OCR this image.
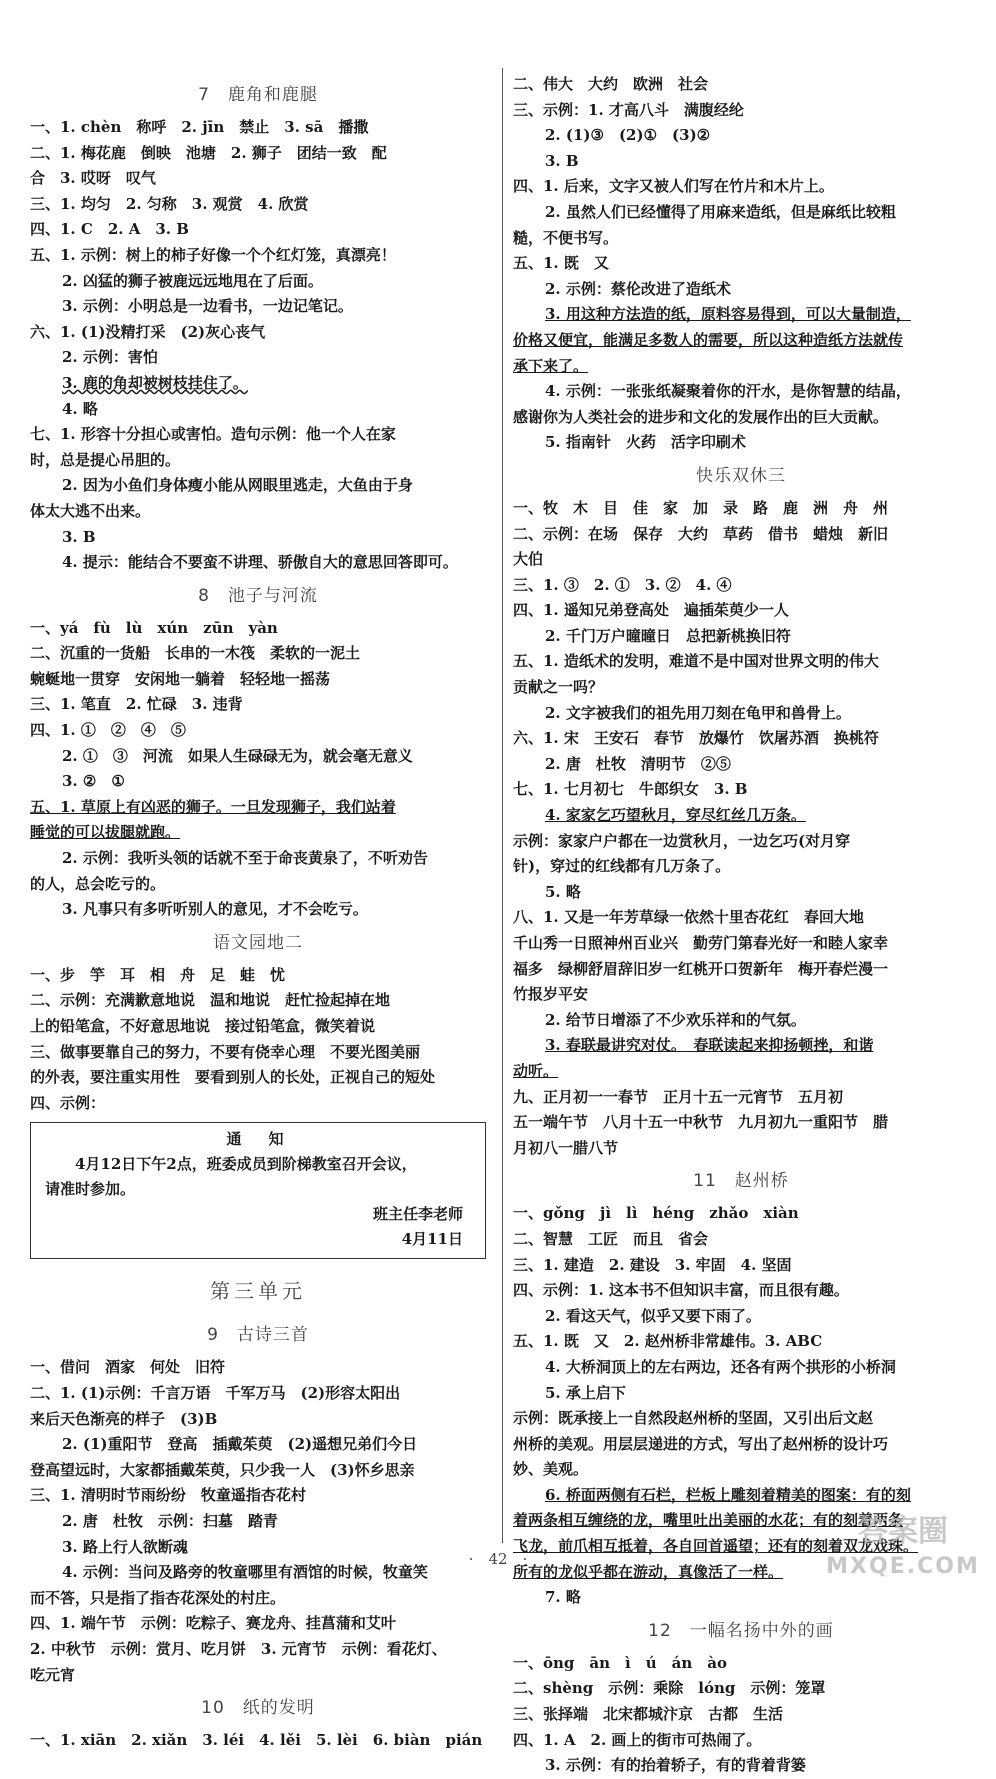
7　鹿角和鹿腿
一、1. chèn　称呼　2. jīn　禁止　3. sā　播撒
二、1. 梅花鹿　倒映　池塘　2. 狮子　团结一致　配
合　3. 哎呀　叹气
三、1. 均匀　2. 匀称　3. 观赏　4. 欣赏
四、1. C　2. A　3. B
五、1. 示例：树上的柿子好像一个个红灯笼，真漂亮！
2. 凶猛的狮子被鹿远远地甩在了后面。
3. 示例：小明总是一边看书，一边记笔记。
六、1. (1)没精打采　(2)灰心丧气
2. 示例：害怕
3. 鹿的角却被树枝挂住了。
4. 略
七、1. 形容十分担心或害怕。造句示例：他一个人在家
时，总是提心吊胆的。
2. 因为小鱼们身体瘦小能从网眼里逃走，大鱼由于身
体太大逃不出来。
3. B
4. 提示：能结合不要蛮不讲理、骄傲自大的意思回答即可。
8　池子与河流
一、yá　fù　lù　xún　zūn　yàn
二、沉重的一货船　长串的一木筏　柔软的一泥土
蜿蜒地一贯穿　安闲地一躺着　轻轻地一摇荡
三、1. 笔直　2. 忙碌　3. 违背
四、1. ①　②　④　⑤
2. ①　③　河流　如果人生碌碌无为，就会毫无意义
3. ②　①
五、1. 草原上有凶恶的狮子。一旦发现狮子，我们站着
睡觉的可以拔腿就跑。
2. 示例：我听头领的话就不至于命丧黄泉了，不听劝告
的人，总会吃亏的。
3. 凡事只有多听听别人的意见，才不会吃亏。
语文园地二
一、步　竽　耳　相　舟　足　蛙　忧
二、示例：充满歉意地说　温和地说　赶忙捡起掉在地
上的铅笔盒，不好意思地说　接过铅笔盒，微笑着说
三、做事要靠自己的努力，不要有侥幸心理　不要光图美丽
的外表，要注重实用性　要看到别人的长处，正视自己的短处
四、示例：
通　知
4月12日下午2点，班委成员到阶梯教室召开会议，
请准时参加。
班主任李老师
4月11日
第三单元
9　古诗三首
一、借问　酒家　何处　旧符
二、1. (1)示例：千言万语　千军万马　(2)形容太阳出
来后天色渐亮的样子　(3)B
2. (1)重阳节　登高　插戴茱萸　(2)遥想兄弟们今日
登高望远时，大家都插戴茱萸，只少我一人　(3)怀乡思亲
三、1. 清明时节雨纷纷　牧童遥指杏花村
2. 唐　杜牧　示例：扫墓　踏青
3. 路上行人欲断魂
4. 示例：当问及路旁的牧童哪里有酒馆的时候，牧童笑
而不答，只是指了指杏花深处的村庄。
四、1. 端午节　示例：吃粽子、赛龙舟、挂菖蒲和艾叶
2. 中秋节　示例：赏月、吃月饼　3. 元宵节　示例：看花灯、
吃元宵
10　纸的发明
一、1. xiān　2. xiǎn　3. léi　4. lěi　5. lèi　6. biàn　pián
二、伟大　大约　欧洲　社会
三、示例：1. 才高八斗　满腹经纶
2. (1)③　(2)①　(3)②
3. B
四、1. 后来，文字又被人们写在竹片和木片上。
2. 虽然人们已经懂得了用麻来造纸，但是麻纸比较粗
糙，不便书写。
五、1. 既　又
2. 示例：蔡伦改进了造纸术
3. 用这种方法造的纸，原料容易得到，可以大量制造，
价格又便宜，能满足多数人的需要，所以这种造纸方法就传
承下来了。
4. 示例：一张张纸凝聚着你的汗水，是你智慧的结晶，
感谢你为人类社会的进步和文化的发展作出的巨大贡献。
5. 指南针　火药　活字印刷术
快乐双休三
一、牧　木　目　佳　家　加　录　路　鹿　洲　舟　州
二、示例：在场　保存　大约　草药　借书　蜡烛　新旧
大伯
三、1. ③　2. ①　3. ②　4. ④
四、1. 遥知兄弟登高处　遍插茱萸少一人
2. 千门万户曈曈日　总把新桃换旧符
五、1. 造纸术的发明，难道不是中国对世界文明的伟大
贡献之一吗？
2. 文字被我们的祖先用刀刻在龟甲和兽骨上。
六、1. 宋　王安石　春节　放爆竹　饮屠苏酒　换桃符
2. 唐　杜牧　清明节　②⑤
七、1. 七月初七　牛郎织女　3. B
4. 家家乞巧望秋月，穿尽红丝几万条。
示例：家家户户都在一边赏秋月，一边乞巧(对月穿
针)，穿过的红线都有几万条了。
5. 略
八、1. 又是一年芳草绿一依然十里杏花红　春回大地
千山秀一日照神州百业兴　勤劳门第春光好一和睦人家幸
福多　绿柳舒眉辞旧岁一红桃开口贺新年　梅开春烂漫一
竹报岁平安
2. 给节日增添了不少欢乐祥和的气氛。
3. 春联最讲究对仗。　春联读起来抑扬顿挫，和谐
动听。
九、正月初一一春节　正月十五一元宵节　五月初
五一端午节　八月十五一中秋节　九月初九一重阳节　腊
月初八一腊八节
11　赵州桥
一、gǒng　jì　lì　héng　zhǎo　xiàn
二、智慧　工匠　而且　省会
三、1. 建造　2. 建设　3. 牢固　4. 坚固
四、示例：1. 这本书不但知识丰富，而且很有趣。
2. 看这天气，似乎又要下雨了。
五、1. 既　又　2. 赵州桥非常雄伟。3. ABC
4. 大桥洞顶上的左右两边，还各有两个拱形的小桥洞
5. 承上启下
示例：既承接上一自然段赵州桥的坚固，又引出后文赵
州桥的美观。用层层递进的方式，写出了赵州桥的设计巧
妙、美观。
6. 桥面两侧有石栏，栏板上雕刻着精美的图案：有的刻
着两条相互缠绕的龙，嘴里吐出美丽的水花；有的刻着两条
飞龙，前爪相互抵着，各自回首遥望；还有的刻着双龙戏珠。
所有的龙似乎都在游动，真像活了一样。
7. 略
12　一幅名扬中外的画
一、ōng　ān　ì　ú　án　ào
二、shèng　示例：乘除　lóng　示例：笼罩
三、张择端　北宋都城汴京　古都　生活
四、1. A　2. 画上的街市可热闹了。
3. 示例：有的抬着轿子，有的背着背篓
·　42　·
答案圈
MXQE.COM
